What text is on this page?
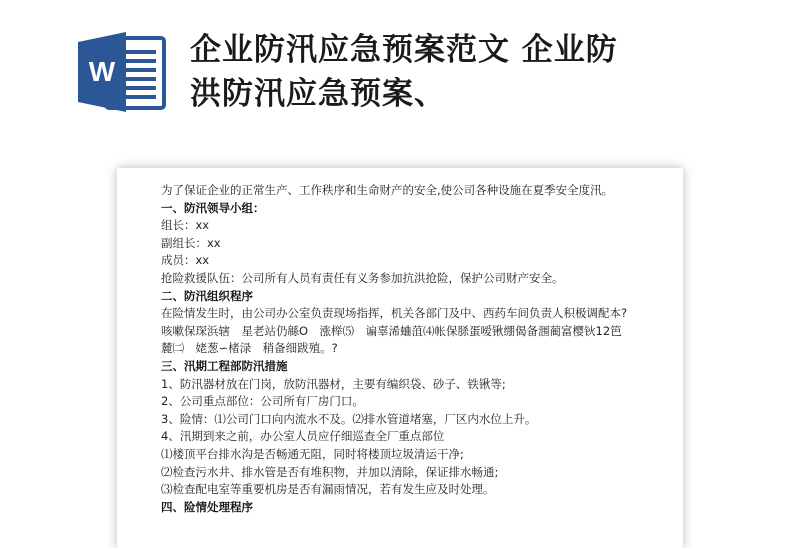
W
企业防汛应急预案范文 企业防
洪防汛应急预案、

为了保证企业的正常生产、工作秩序和生命财产的安全,使公司各种设施在夏季安全度汛。

一、防汛领导小组：

组长：xx

副组长：xx

成员：xx

抢险救援队伍：公司所有人员有责任有义务参加抗洪抢险，保护公司财产安全。

二、防汛组织程序

在险情发生时，由公司办公室负责现场指挥，机关各部门及中、西药车间负责人积极调配本?

咳嗽保琛浜辖　星老站仍緜O　涨榉⑸　谝辜浠蛐菹⑷帐保脎蛋嗳锹绷偈备涠蔺富樱钬12笆

麓㈡　姥葱∽楮渌　稍备细跋殖。?

三、汛期工程部防汛措施

1、防汛器材放在门岗，放防汛器材，主要有编织袋、砂子、铁锹等;

2、公司重点部位：公司所有厂房门口。

3、险情：⑴公司门口向内流水不及。⑵排水管道堵塞，厂区内水位上升。

4、汛期到来之前，办公室人员应仔细巡查全厂重点部位

⑴楼顶平台排水沟是否畅通无阻，同时将楼顶垃圾清运干净;

⑵检查污水井、排水管是否有堆积物，并加以清除，保证排水畅通;

⑶检查配电室等重要机房是否有漏雨情况，若有发生应及时处理。

四、险情处理程序
